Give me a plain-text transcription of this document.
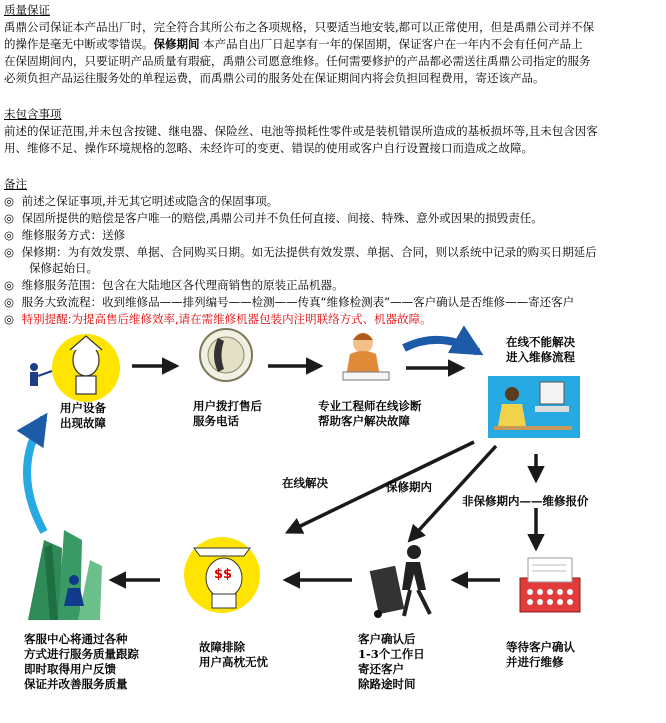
质量保证
禹鼎公司保证本产品出厂时，完全符合其所公布之各项规格，只要适当地安装,都可以正常使用，但是禹鼎公司并不保
的操作是毫无中断或零错误。保修期间 本产品自出厂日起享有一年的保固期，保证客户在一年内不会有任何产品上
在保固期间内，只要证明产品质量有瑕疵，禹鼎公司愿意维修。任何需要修护的产品都必需送往禹鼎公司指定的服务
必须负担产品运往服务处的单程运费，而禹鼎公司的服务处在保证期间内将会负担回程费用，寄还该产品。
未包含事项
前述的保证范围,并未包含按键、继电器、保险丝、电池等损耗性零件或是装机错误所造成的基板损坏等,且未包含因客
用、维修不足、操作环境规格的忽略、未经许可的变更、错误的使用或客户自行设置接口而造成之故障。
备注
◎ 前述之保证事项,并无其它明述或隐含的保固事项。
◎ 保固所提供的赔偿是客户唯一的赔偿,禹鼎公司并不负任何直接、间接、特殊、意外或因果的损毁责任。
◎ 维修服务方式：送修
◎ 保修期：为有效发票、单据、合同购买日期。如无法提供有效发票、单据、合同，则以系统中记录的购买日期延后
保修起始日。
◎ 维修服务范围：包含在大陆地区各代理商销售的原装正品机器。
◎ 服务大致流程：收到维修品——排列编号——检测——传真“维修检测表”——客户确认是否维修——寄还客户
◎ 特别提醒:为提高售后维修效率,请在需维修机器包装内注明联络方式、机器故障。
$$
用户设备
出现故障
用户拨打售后
服务电话
专业工程师在线诊断
帮助客户解决故障
在线不能解决
进入维修流程
在线解决	保修期内
非保修期内——维修报价
等待客户确认
并进行维修
客户确认后
1-3个工作日
寄还客户
除路途时间
故障排除
用户高枕无忧
客服中心将通过各种
方式进行服务质量跟踪
即时取得用户反馈
保证并改善服务质量
